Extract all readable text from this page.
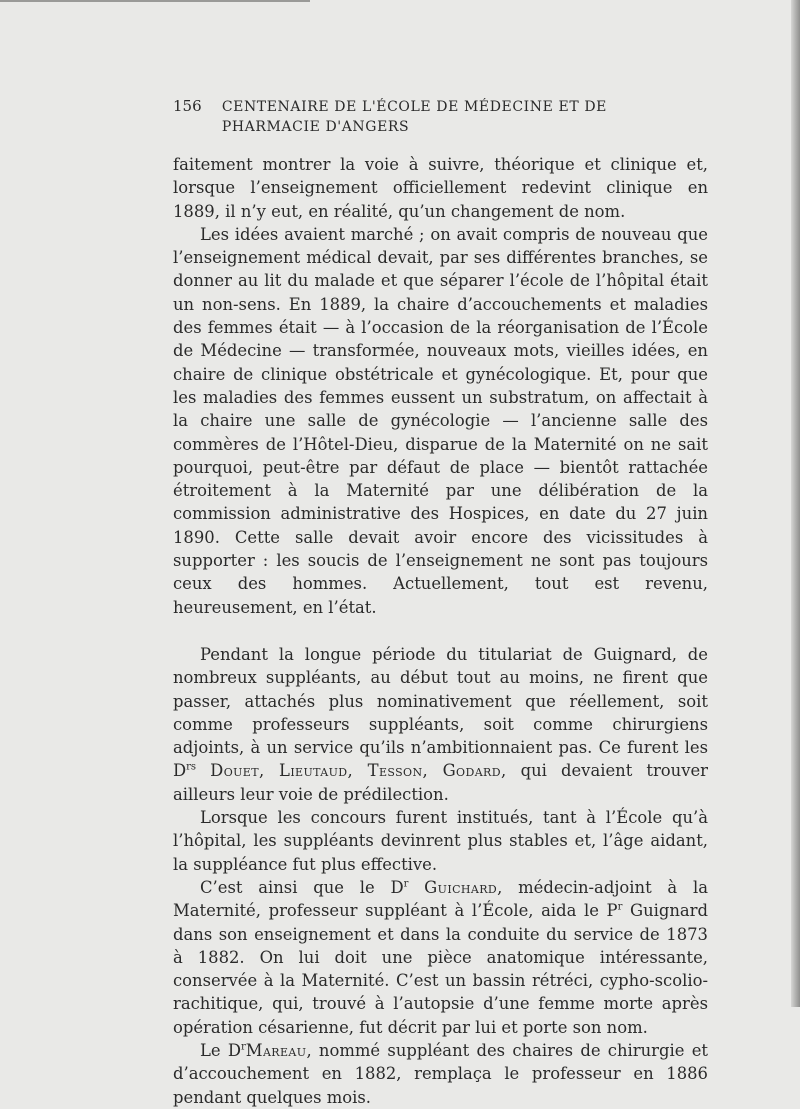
156	CENTENAIRE DE L'ÉCOLE DE MÉDECINE ET DE PHARMACIE D'ANGERS

faitement montrer la voie à suivre, théorique et clinique et, lorsque l’enseignement officiellement redevint clinique en 1889, il n’y eut, en réalité, qu’un changement de nom.

Les idées avaient marché ; on avait compris de nouveau que l’enseignement médical devait, par ses différentes branches, se donner au lit du malade et que séparer l’école de l’hôpital était un non-sens. En 1889, la chaire d’accouchements et maladies des femmes était — à l’occasion de la réorganisation de l’École de Médecine — transformée, nouveaux mots, vieilles idées, en chaire de clinique obstétricale et gynécologique. Et, pour que les maladies des femmes eussent un substratum, on affectait à la chaire une salle de gynécologie — l’ancienne salle des commères de l’Hôtel-Dieu, disparue de la Maternité on ne sait pourquoi, peut-être par défaut de place — bientôt rattachée étroitement à la Maternité par une délibération de la commission administrative des Hospices, en date du 27 juin 1890. Cette salle devait avoir encore des vicissitudes à supporter : les soucis de l’enseignement ne sont pas toujours ceux des hommes. Actuellement, tout est revenu, heureusement, en l’état.

Pendant la longue période du titulariat de Guignard, de nombreux suppléants, au début tout au moins, ne firent que passer, attachés plus nominativement que réellement, soit comme professeurs suppléants, soit comme chirurgiens adjoints, à un service qu’ils n’ambitionnaient pas. Ce furent les $D^{rs}$ Douet, Lieutaud, Tesson, Godard, qui devaient trouver ailleurs leur voie de prédilection.

Lorsque les concours furent institués, tant à l’École qu’à l’hôpital, les suppléants devinrent plus stables et, l’âge aidant, la suppléance fut plus effective.

C’est ainsi que le $D^r$ Guichard, médecin-adjoint à la Maternité, professeur suppléant à l’École, aida le $P^r$ Guignard dans son enseignement et dans la conduite du service de 1873 à 1882. On lui doit une pièce anatomique intéressante, conservée à la Maternité. C’est un bassin rétréci, cypho-scolio-rachitique, qui, trouvé à l’autopsie d’une femme morte après opération césarienne, fut décrit par lui et porte son nom.

Le $D^rMareau$, nommé suppléant des chaires de chirurgie et d’accouchement en 1882, remplaça le professeur en 1886 pendant quelques mois.
